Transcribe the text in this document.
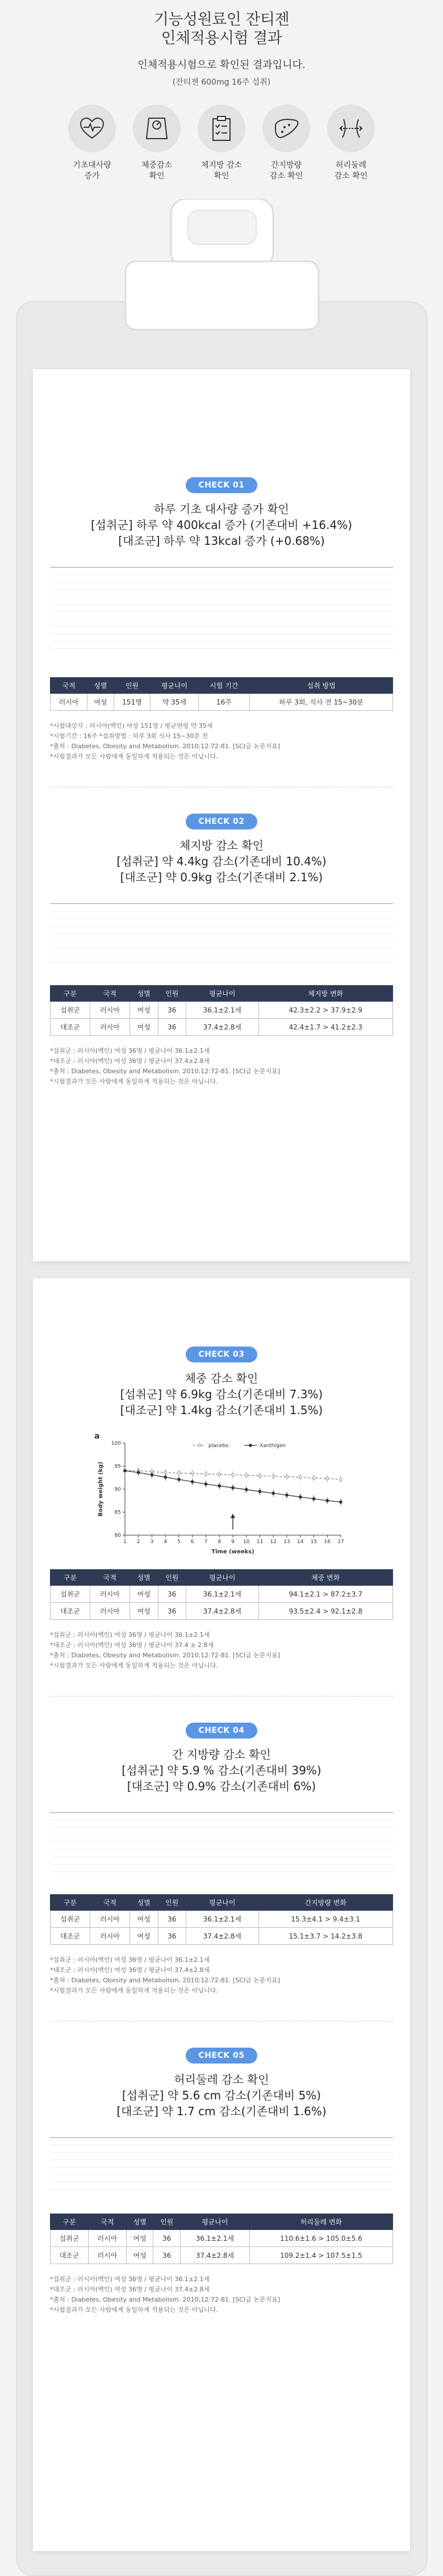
기능성원료인 잔티젠
인체적용시험 결과
인체적용시험으로 확인된 결과입니다.
(잔티젠 600mg 16주 섭취)
기초대사량
증가
체중감소
확인
체지방 감소
확인
간지방량
감소 확인
허리둘레
감소 확인
CHECK 01
하루 기초 대사량 증가 확인
[섭취군] 하루 약 400kcal 증가 (기존대비 +16.4%)
[대조군] 하루 약 13kcal 증가 (+0.68%)

국적	성별	인원	평균나이	시험 기간	섭취 방법
러시아	여성	151명	약 35세	16주	하루 3회, 식사 전 15~30분
*시험대상자 : 러시아(백인) 여성 151명 / 평균연령 약 35세
*시험기간 : 16주 *섭취방법 : 하루 3회 식사 15~30분 전
*출처 : Diabetes, Obesity and Metabolism. 2010;12:72-81. [SCI급 논문지표]
*시험결과가 모든 사람에게 동일하게 적용되는 것은 아닙니다.
CHECK 02
체지방 감소 확인
[섭취군] 약 4.4kg 감소(기존대비 10.4%)
[대조군] 약 0.9kg 감소(기존대비 2.1%)

구분	국적	성별	인원	평균나이	체지방 변화
섭취군	러시아	여성	36	36.1±2.1세	42.3±2.2 > 37.9±2.9
대조군	러시아	여성	36	37.4±2.8세	42.4±1.7 > 41.2±2.3
*섭취군 : 러시아(백인) 여성 36명 / 평균나이 36.1±2.1세
*대조군 : 러시아(백인) 여성 36명 / 평균나이 37.4±2.8세
*출처 : Diabetes, Obesity and Metabolism. 2010;12:72-81. [SCI급 논문지표]
*시험결과가 모든 사람에게 동일하게 적용되는 것은 아닙니다.
CHECK 03
체중 감소 확인
[섭취군] 약 6.9kg 감소(기존대비 7.3%)
[대조군] 약 1.4kg 감소(기존대비 1.5%)
80
85
90
95
100
1 2 3 4 5 6 7 8 9 10 11 12 13 14 15 16 17
Time (weeks)
Body weight (kg)
a
placebo	Xanthigen
구분	국적	성별	인원	평균나이	체중 변화
섭취군	러시아	여성	36	36.1±2.1세	94.1±2.1 > 87.2±3.7
대조군	러시아	여성	36	37.4±2.8세	93.5±2.4 > 92.1±2.8
*섭취군 : 러시아(백인) 여성 36명 / 평균나이 36.1±2.1세
*대조군 : 러시아(백인) 여성 36명 / 평균나이 37.4 ± 2.8세
*출처 : Diabetes, Obesity and Metabolism. 2010;12:72-81. [SCI급 논문지표]
*시험결과가 모든 사람에게 동일하게 적용되는 것은 아닙니다.
CHECK 04
간 지방량 감소 확인
[섭취군] 약 5.9 % 감소(기존대비 39%)
[대조군] 약 0.9% 감소(기존대비 6%)

구분	국적	성별	인원	평균나이	간지방량 변화
섭취군	러시아	여성	36	36.1±2.1세	15.3±4.1 > 9.4±3.1
대조군	러시아	여성	36	37.4±2.8세	15.1±3.7 > 14.2±3.8
*섭취군 : 러시아(백인) 여성 36명 / 평균나이 36.1±2.1세
*대조군 : 러시아(백인) 여성 36명 / 평균나이 37.4±2.8세
*출처 : Diabetes, Obesity and Metabolism. 2010;12:72-81. [SCI급 논문지표]
*시험결과가 모든 사람에게 동일하게 적용되는 것은 아닙니다.
CHECK 05
허리둘레 감소 확인
[섭취군] 약 5.6 cm 감소(기존대비 5%)
[대조군] 약 1.7 cm 감소(기존대비 1.6%)

구분	국적	성별	인원	평균나이	허리둘레 변화
섭취군	러시아	여성	36	36.1±2.1세	110.6±1.6 > 105.0±5.6
대조군	러시아	여성	36	37.4±2.8세	109.2±1.4 > 107.5±1.5
*섭취군 : 러시아(백인) 여성 36명 / 평균나이 36.1±2.1세
*대조군 : 러시아(백인) 여성 36명 / 평균나이 37.4±2.8세
*출처 : Diabetes, Obesity and Metabolism. 2010;12:72-81. [SCI급 논문지표]
*시험결과가 모든 사람에게 동일하게 적용되는 것은 아닙니다.
